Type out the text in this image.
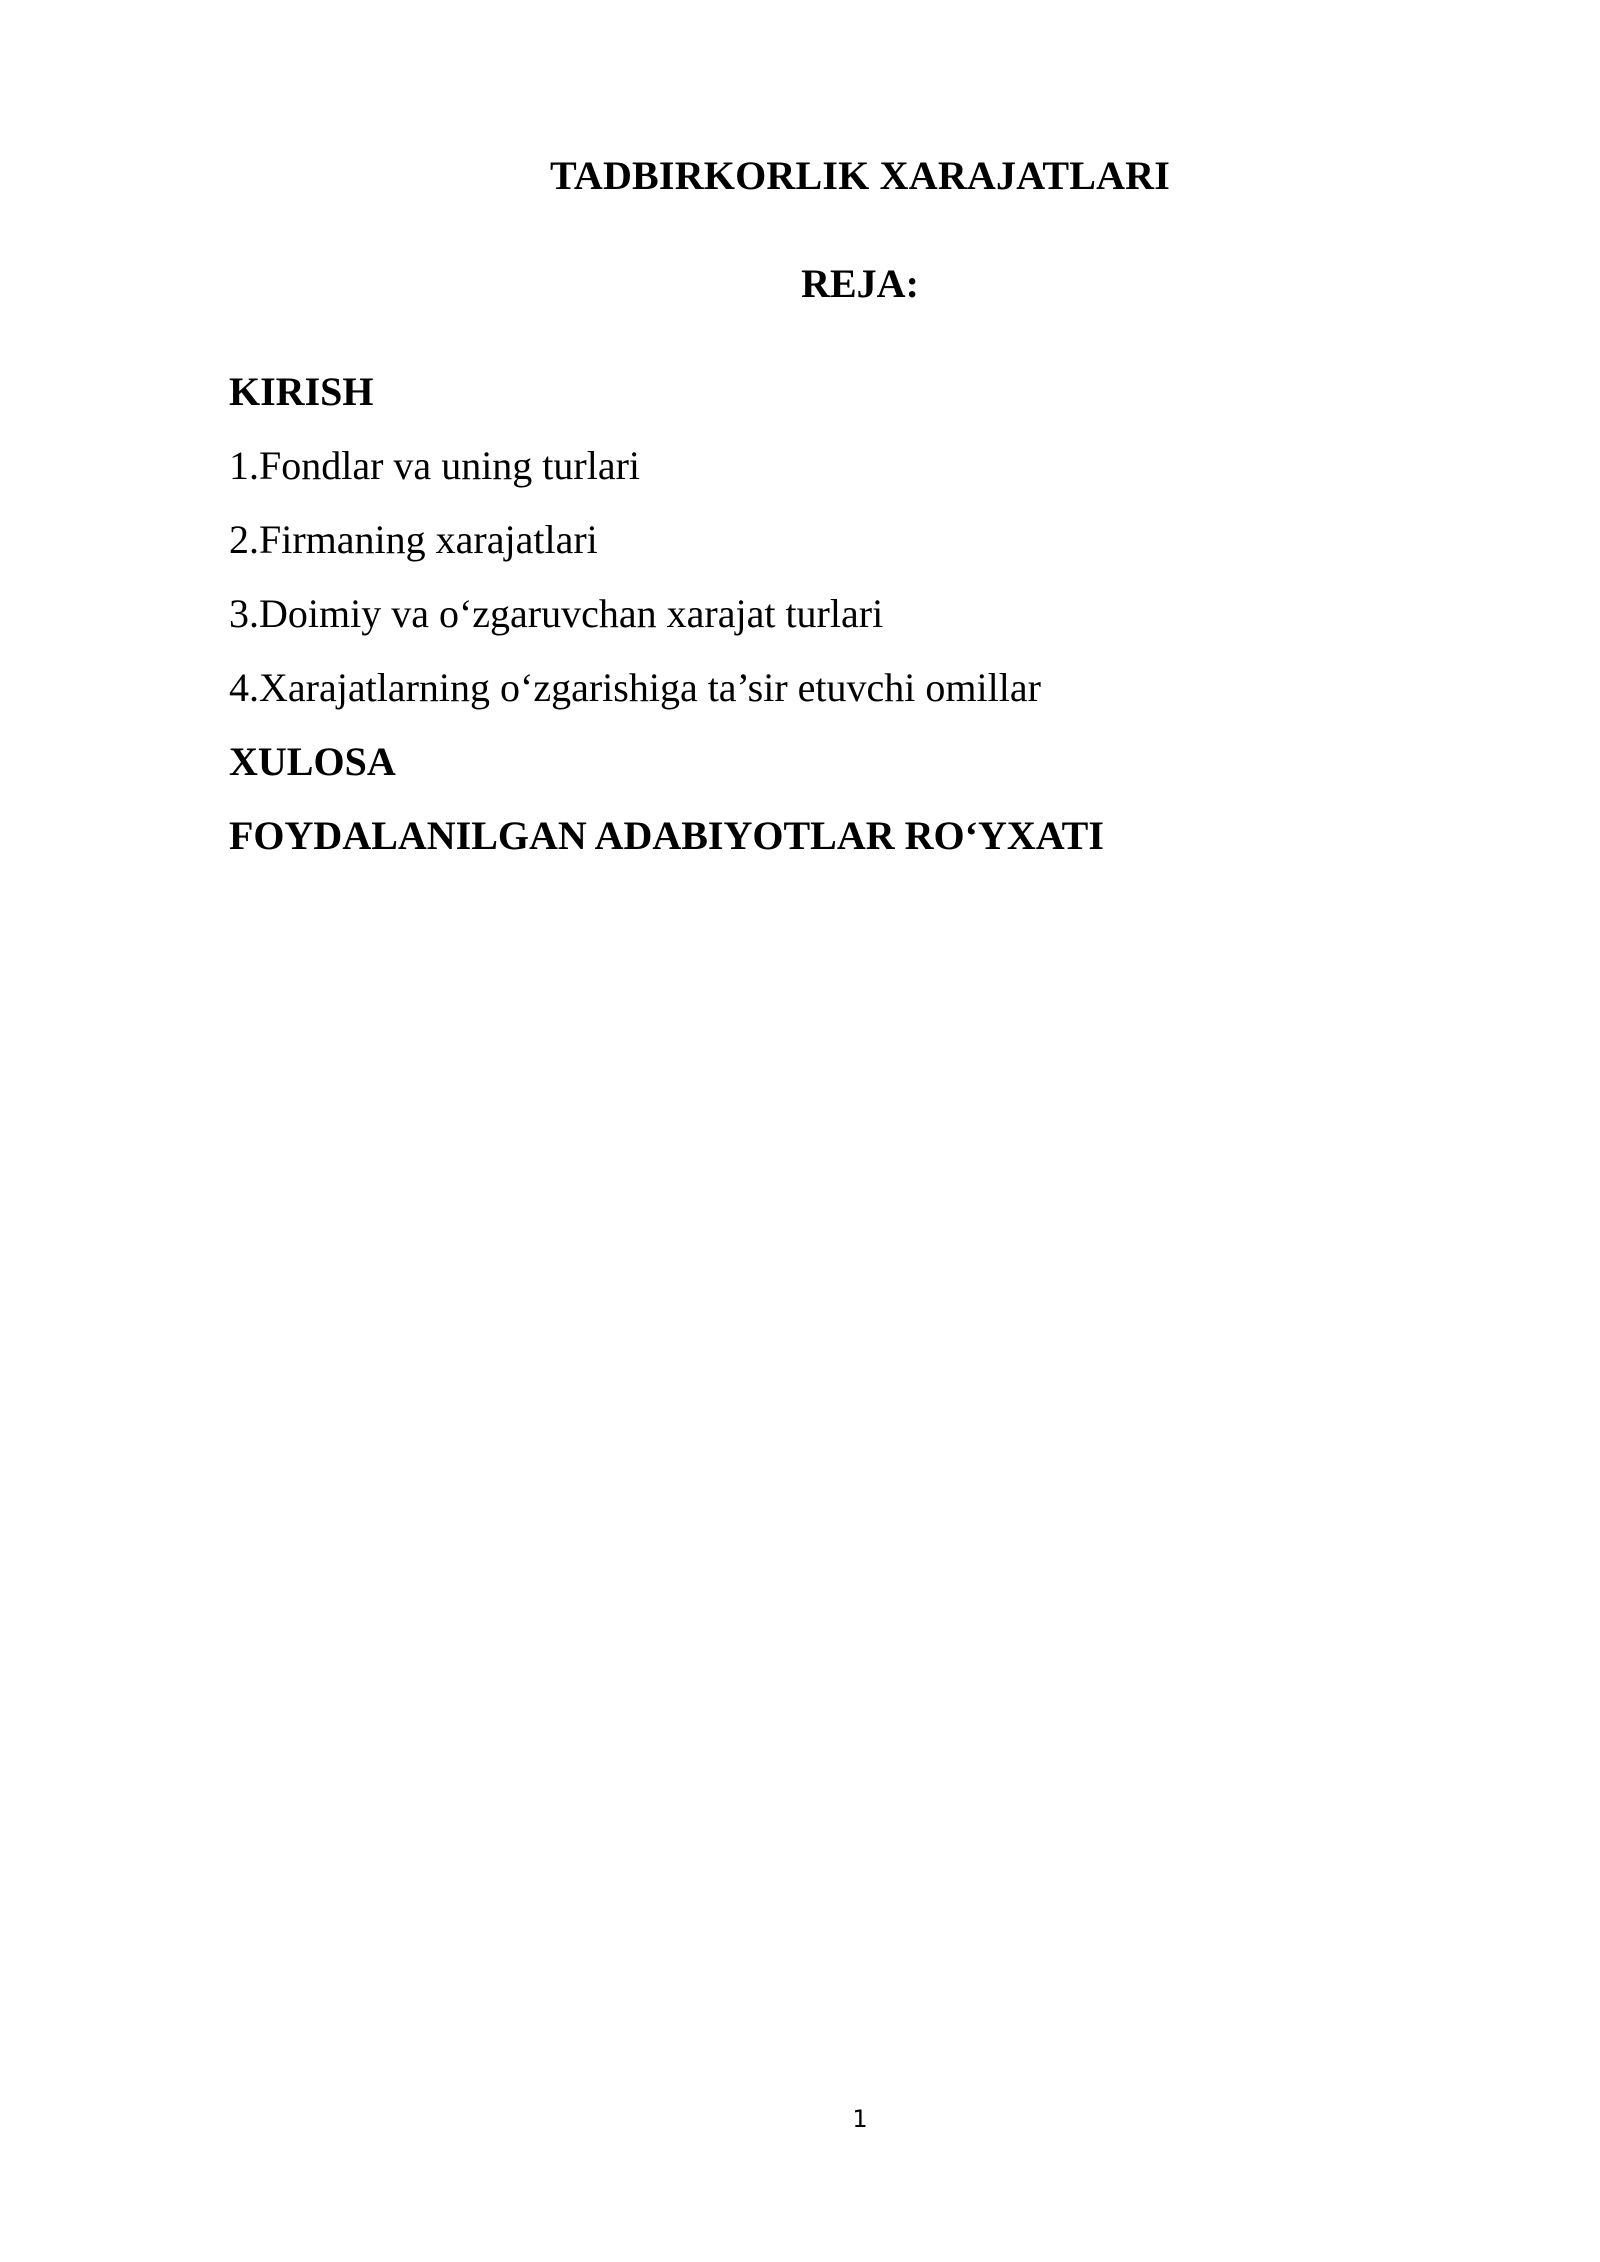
TADBIRKORLIK XARAJATLARI
REJA:
KIRISH
1.Fondlar va uning turlari
2.Firmaning xarajatlari
3.Doimiy va o‘zgaruvchan xarajat turlari
4.Xarajatlarning o‘zgarishiga ta’sir etuvchi omillar
XULOSA
FOYDALANILGAN ADABIYOTLAR RO‘YXATI
1
